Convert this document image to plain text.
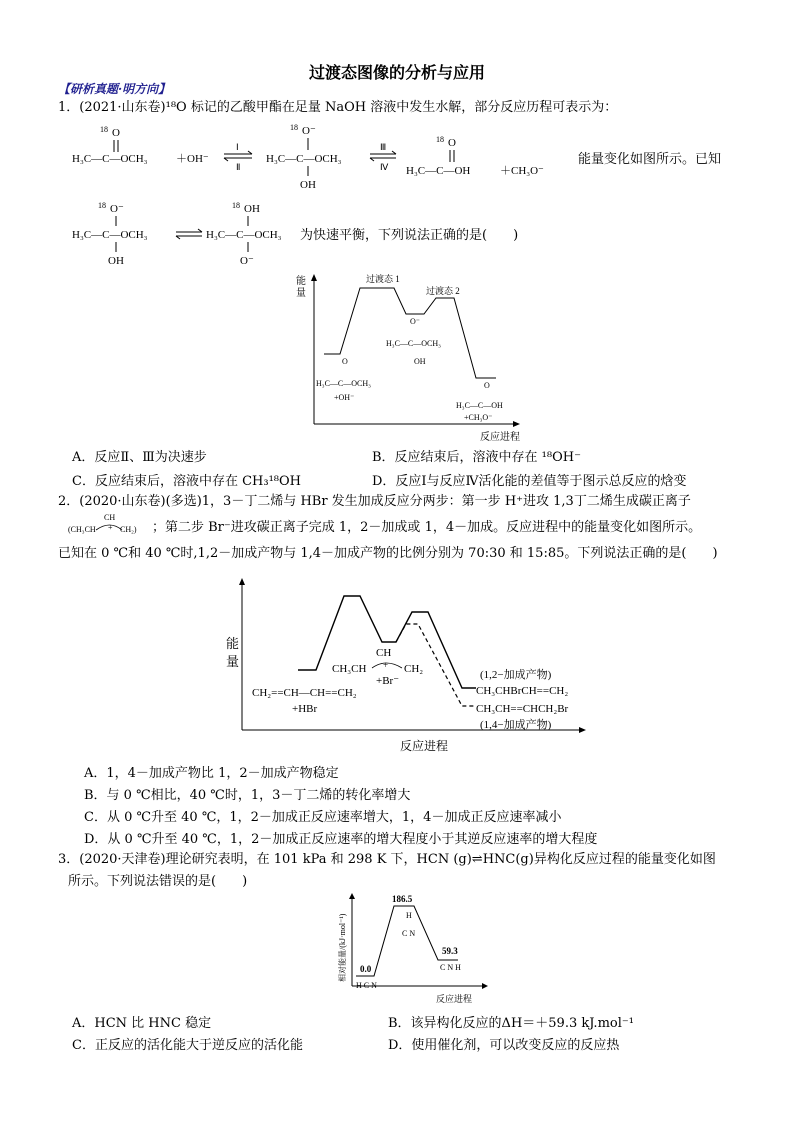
过渡态图像的分析与应用
【研析真题·明方向】
1．(2021·山东卷)¹⁸O 标记的乙酸甲酯在足量 NaOH 溶液中发生水解，部分反应历程可表示为：
18 O
H₃C—C—OCH₃	＋OH⁻
Ⅰ
Ⅱ
18 O⁻
H₃C—C—OCH₃
OH
Ⅲ
Ⅳ
18 O
H₃C—C—OH	＋CH₃O⁻
能量变化如图所示。已知
18 O⁻
H₃C—C—OCH₃
OH
18 OH
H₃C—C—OCH₃
O⁻
为快速平衡，下列说法正确的是(　　)
能
量
反应进程
过渡态 1
过渡态 2
O⁻
H₃C—C—OCH₃
OH
O
H₃C—C—OCH₃
+OH⁻
O
H₃C—C—OH
+CH₃O⁻
A．反应Ⅱ、Ⅲ为决速步	B．反应结束后，溶液中存在 ¹⁸OH⁻
C．反应结束后，溶液中存在 CH₃¹⁸OH	D．反应Ⅰ与反应Ⅳ活化能的差值等于图示总反应的焓变
2．(2020·山东卷)(多选)1，3－丁二烯与 HBr 发生加成反应分两步：第一步 H⁺进攻 1,3丁二烯生成碳正离子
CH
(CH₃CH	CH₂)
+	；第二步 Br⁻进攻碳正离子完成 1，2－加成或 1，4－加成。反应进程中的能量变化如图所示。
已知在 0 ℃和 40 ℃时,1,2－加成产物与 1,4－加成产物的比例分别为 70:30 和 15:85。下列说法正确的是(　　)
能
量
反应进程
CH₂==CH—CH==CH₂
+HBr
CH
CH₃CH	CH₂
+
+Br⁻	(1,2−加成产物)
CH₃CHBrCH==CH₂
CH₃CH==CHCH₂Br
(1,4−加成产物)
A．1，4－加成产物比 1，2－加成产物稳定
B．与 0 ℃相比，40 ℃时，1，3－丁二烯的转化率增大
C．从 0 ℃升至 40 ℃，1，2－加成正反应速率增大，1，4－加成正反应速率减小
D．从 0 ℃升至 40 ℃，1，2－加成正反应速率的增大程度小于其逆反应速率的增大程度
3．(2020·天津卷)理论研究表明，在 101 kPa 和 298 K 下，HCN (g)⇌HNC(g)异构化反应过程的能量变化如图
所示。下列说法错误的是(　　)
相对能量/(kJ·mol⁻¹)
反应进程
0.0
186.5
59.3
H C N
H
C N
C N H
A．HCN 比 HNC 稳定	B．该异构化反应的ΔH＝＋59.3 kJ.mol⁻¹
C．正反应的活化能大于逆反应的活化能	D．使用催化剂，可以改变反应的反应热
